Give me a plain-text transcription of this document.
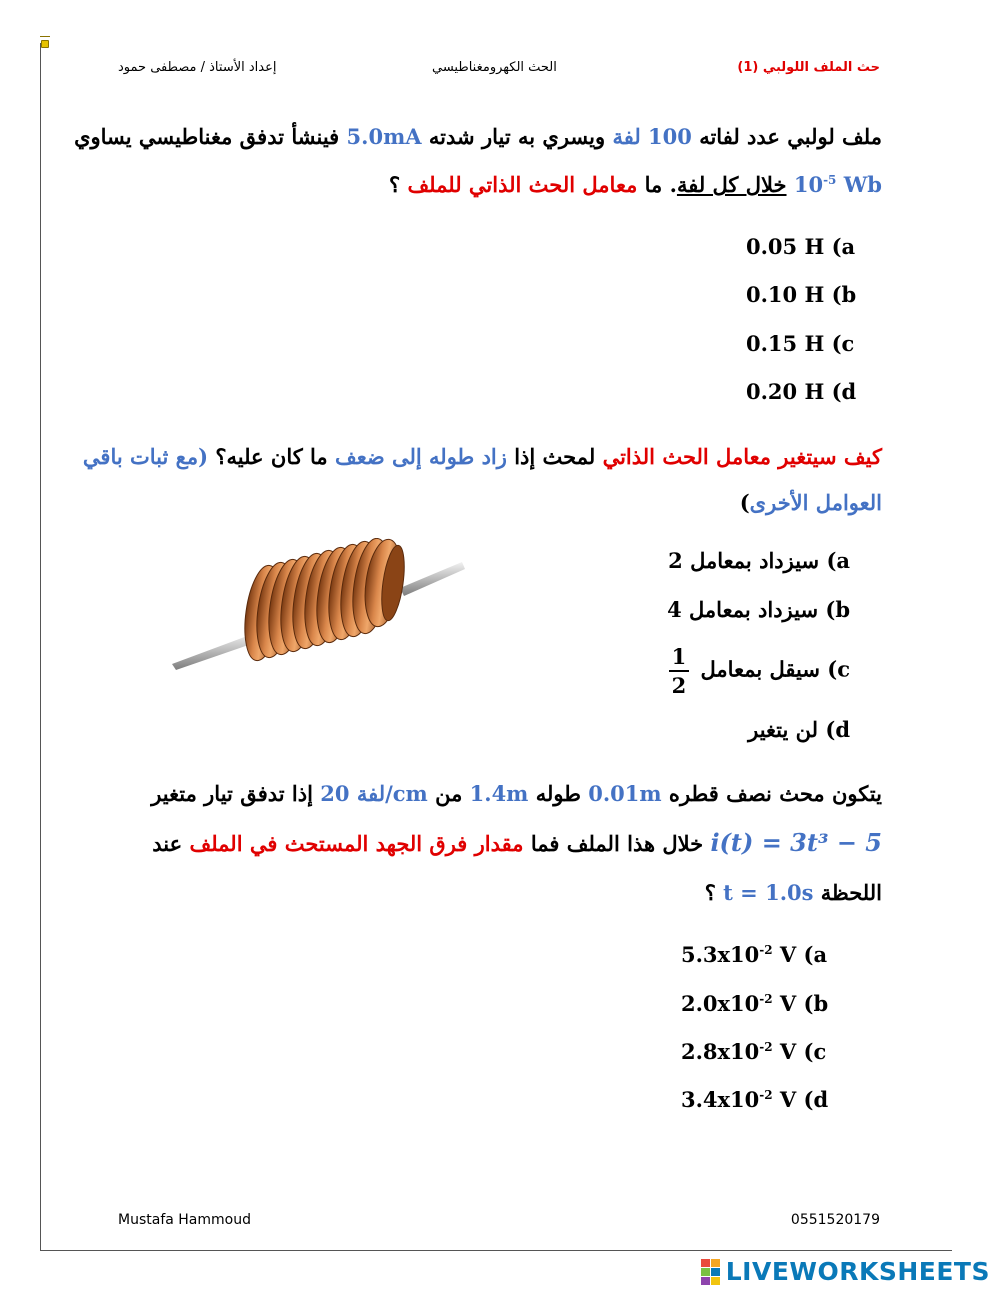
إعداد الأستاذ / مصطفى حمود	الحث الكهرومغناطيسي	حث الملف اللولبي (1)
ملف لولبي عدد لفاته 100 لفة ويسري به تيار شدته 5.0mA فينشأ تدفق مغناطيسي يساوي
$10^{-5}$ Wb خلال كل لفة. ما معامل الحث الذاتي للملف ؟
0.05 H (a
0.10 H (b
0.15 H (c
0.20 H (d
كيف سيتغير معامل الحث الذاتي لمحث إذا زاد طوله إلى ضعف ما كان عليه؟ (مع ثبات باقي
العوامل الأخرى)
a) سيزداد بمعامل 2
b) سيزداد بمعامل 4
c) سيقل بمعامل
$\frac{1}{2}$
d) لن يتغير
يتكون محث نصف قطره 0.01m طوله 1.4m من 20 لفة/cm إذا تدفق تيار متغير
i(t) = 3t³ − 5 خلال هذا الملف فما مقدار فرق الجهد المستحث في الملف عند
اللحظة t = 1.0s ؟
$5.3x10^{-2}$ V (a
$2.0x10^{-2}$ V (b
$2.8x10^{-2}$ V (c
$3.4x10^{-2}$ V (d
Mustafa Hammoud	0551520179
LIVEWORKSHEETS
